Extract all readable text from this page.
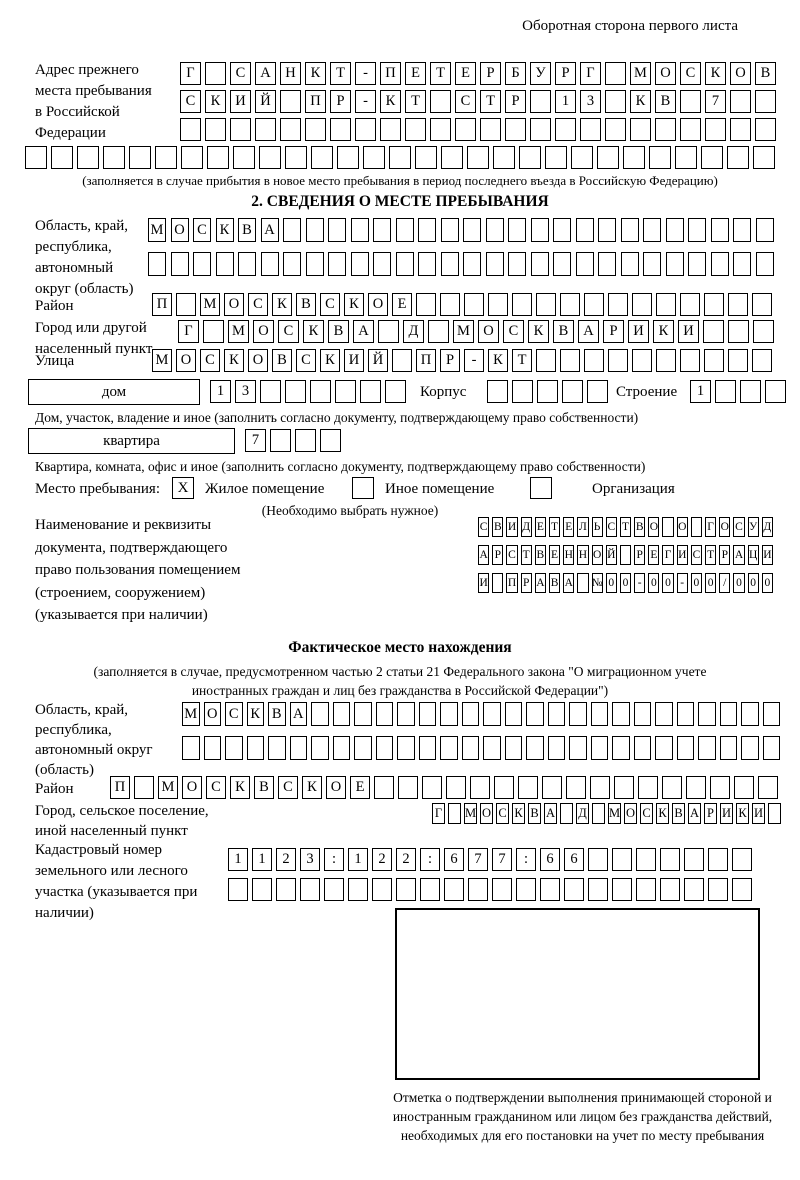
Оборотная сторона первого листа
Адрес прежнего места пребывания в Российской Федерации
Г	С	А	Н	К	Т	-	П	Е	Т	Е	Р	Б	У	Р	Г	М О	С	К	О	В
С	К	И	Й	П	Р	-	К	Т	С	Т	Р	1	3	К	В	7
(заполняется в случае прибытия в новое место пребывания в период последнего въезда в Российскую Федерацию)
2. СВЕДЕНИЯ О МЕСТЕ ПРЕБЫВАНИЯ
Область, край, республика, автономный округ (область)
М О С К В А
Район	П	М О С К В С К О Е
Город или другой населенный пункт
Г	М О	С	К	В	А	Д	М О	С	К	В	А	Р	И	К	И
Улица	М О С К О В С К И Й	П	Р	-	К	Т
дом	1	3	Корпус	Строение	1
Дом, участок, владение и иное (заполнить согласно документу, подтверждающему право собственности)
квартира	7
Квартира, комната, офис и иное (заполнить согласно документу, подтверждающему право собственности)
Место пребывания:	X	Жилое помещение	Иное помещение	Организация
(Необходимо выбрать нужное)
Наименование и реквизиты документа, подтверждающего право пользования помещением (строением, сооружением) (указывается при наличии)
С В И Д Е Т Е Л Ь С Т В О О Г О С У Д
А Р С Т В Е Н Н О Й Р Е Г И С Т Р А Ц И
И П Р А В А № 0 0 - 0 0 - 0 0 / 0 0 0
Фактическое место нахождения
(заполняется в случае, предусмотренном частью 2 статьи 21 Федерального закона "О миграционном учете иностранных граждан и лиц без гражданства в Российской Федерации")
Область, край, республика, автономный округ (область)
М О С К В А
Район	П	М О С К В С К О Е
Город, сельское поселение, иной населенный пункт
Г М О С К В А Д М О С К В А Р И К И
Кадастровый номер земельного или лесного участка (указывается при наличии)
1	1	2	3	:	1	2	2	:	6	7	7	:	6	6
Отметка о подтверждении выполнения принимающей стороной и иностранным гражданином или лицом без гражданства действий, необходимых для его постановки на учет по месту пребывания
